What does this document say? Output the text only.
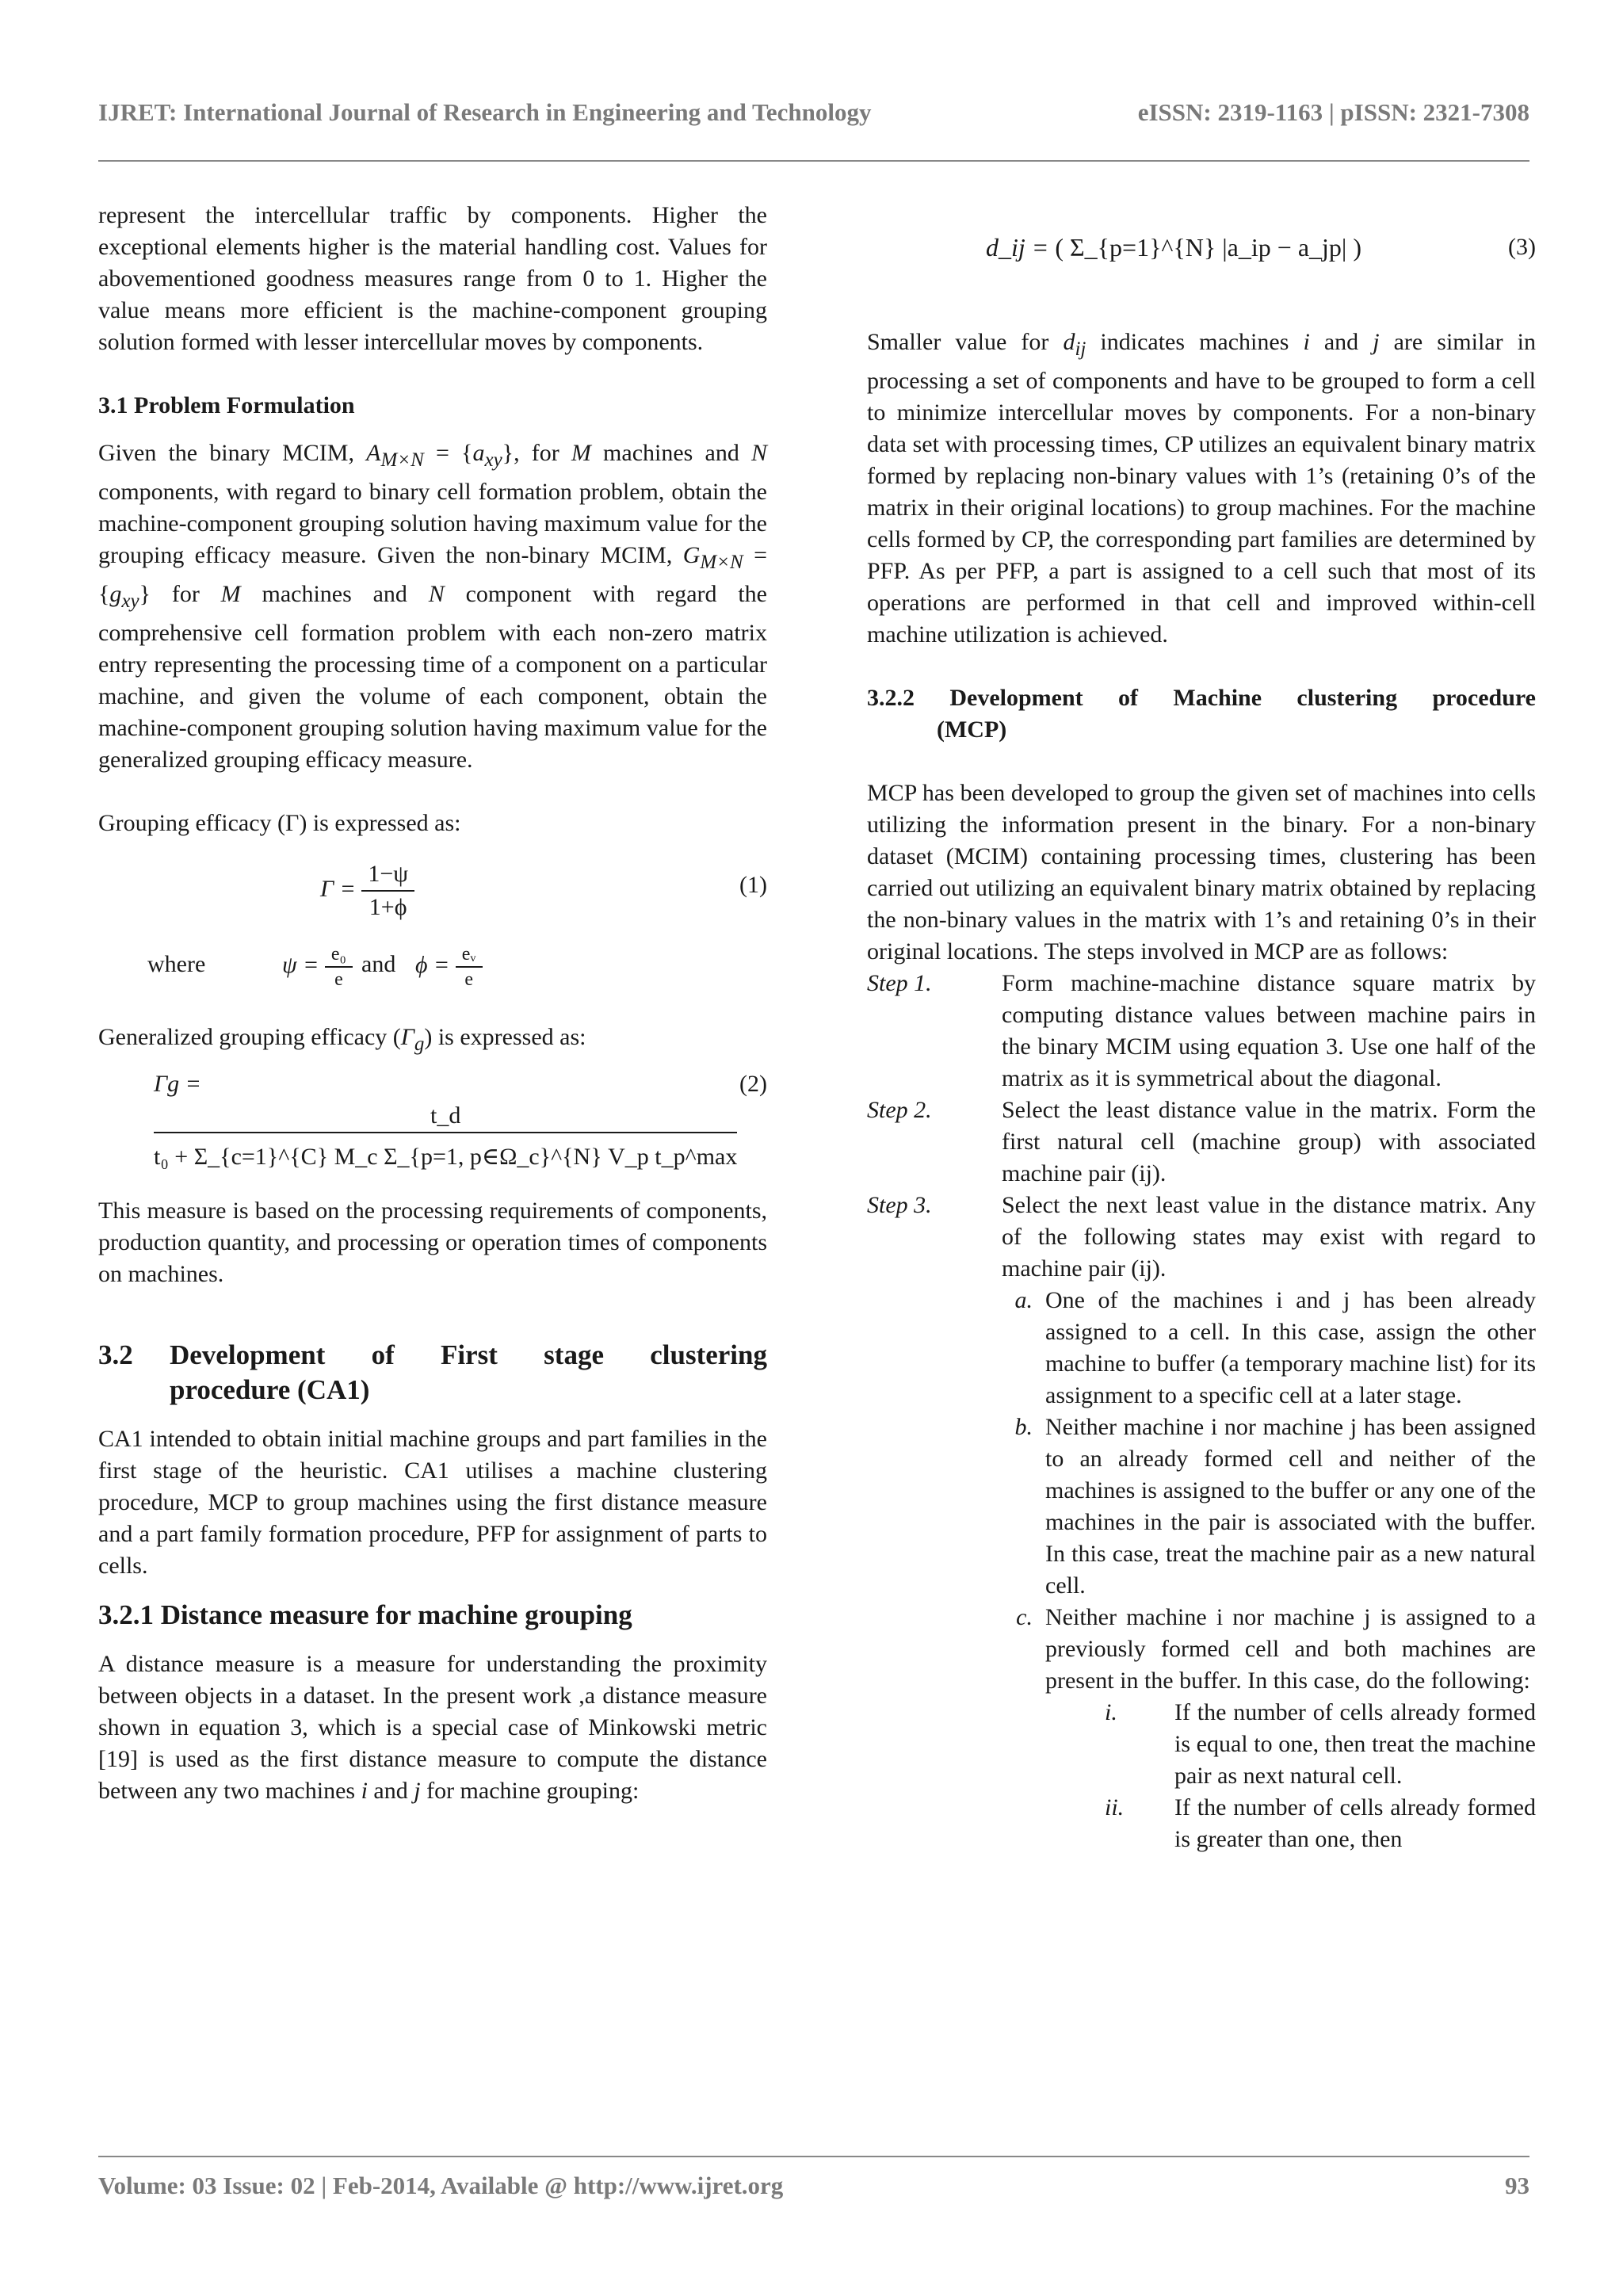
IJRET: International Journal of Research in Engineering and Technology	eISSN: 2319-1163 | pISSN: 2321-7308

represent the intercellular traffic by components. Higher the exceptional elements higher is the material handling cost. Values for abovementioned goodness measures range from 0 to 1. Higher the value means more efficient is the machine-component grouping solution formed with lesser intercellular moves by components.

3.1 Problem Formulation

Given the binary MCIM, $A_{M\times N} = \{a_{xy}\}$, for M machines and N components, with regard to binary cell formation problem, obtain the machine-component grouping solution having maximum value for the grouping efficacy measure. Given the non-binary MCIM, $G_{M\times N} = \{g_{xy}\}$ for M machines and N component with regard the comprehensive cell formation problem with each non-zero matrix entry representing the processing time of a component on a particular machine, and given the volume of each component, obtain the machine-component grouping solution having maximum value for the generalized grouping efficacy measure.

Grouping efficacy (Γ) is expressed as:

$\Gamma = \frac{1-\psi}{1+\phi}$	(1)
where	$\psi = \frac{\text{e₀}}{e}$ and $\phi = \frac{\text{eᵥ}}{e}$

Generalized grouping efficacy $(\Gamma_g)$ is expressed as:

Γg =
$\frac{t\_d}{\text{t₀ + Σ\_\{c=1\}\textasciicircum{}\{C\} M\_c Σ\_\{p=1, p∈Ω\_c\}\textasciicircum{}\{N\} V\_p t\_p\textasciicircum{}max}}$
(2)

This measure is based on the processing requirements of components, production quantity, and processing or operation times of components on machines.

3.2	Development of First stage clustering
procedure (CA1)

CA1 intended to obtain initial machine groups and part families in the first stage of the heuristic. CA1 utilises a machine clustering procedure, MCP to group machines using the first distance measure and a part family formation procedure, PFP for assignment of parts to cells.

3.2.1 Distance measure for machine grouping

A distance measure is a measure for understanding the proximity between objects in a dataset. In the present work ,a distance measure shown in equation 3, which is a special case of Minkowski metric [19] is used as the first distance measure to compute the distance between any two machines i and j for machine grouping:

d_ij = ( Σ_{p=1}^{N} |a_ip − a_jp| )	(3)

Smaller value for $d_{ij}$ indicates machines i and j are similar in processing a set of components and have to be grouped to form a cell to minimize intercellular moves by components. For a non-binary data set with processing times, CP utilizes an equivalent binary matrix formed by replacing non-binary values with 1’s (retaining 0’s of the matrix in their original locations) to group machines. For the machine cells formed by CP, the corresponding part families are determined by PFP. As per PFP, a part is assigned to a cell such that most of its operations are performed in that cell and improved within-cell machine utilization is achieved.

3.2.2 Development of Machine clustering procedure
(MCP)

MCP has been developed to group the given set of machines into cells utilizing the information present in the binary. For a non-binary dataset (MCIM) containing processing times, clustering has been carried out utilizing an equivalent binary matrix obtained by replacing the non-binary values in the matrix with 1’s and retaining 0’s in their original locations. The steps involved in MCP are as follows:

Step 1.	Form machine-machine distance square matrix by computing distance values between machine pairs in the binary MCIM using equation 3. Use one half of the matrix as it is symmetrical about the diagonal.
Step 2.	Select the least distance value in the matrix. Form the first natural cell (machine group) with associated machine pair (ij).
Step 3.	Select the next least value in the distance matrix. Any of the following states may exist with regard to machine pair (ij).
a. One of the machines i and j has been already assigned to a cell. In this case, assign the other machine to buffer (a temporary machine list) for its assignment to a specific cell at a later stage.
b. Neither machine i nor machine j has been assigned to an already formed cell and neither of the machines is assigned to the buffer or any one of the machines in the pair is associated with the buffer. In this case, treat the machine pair as a new natural cell.
c. Neither machine i nor machine j is assigned to a previously formed cell and both machines are present in the buffer. In this case, do the following:
i.	If the number of cells already formed is equal to one, then treat the machine pair as next natural cell.
ii.	If the number of cells already formed is greater than one, then
Volume: 03 Issue: 02 | Feb-2014, Available @ http://www.ijret.org	93
